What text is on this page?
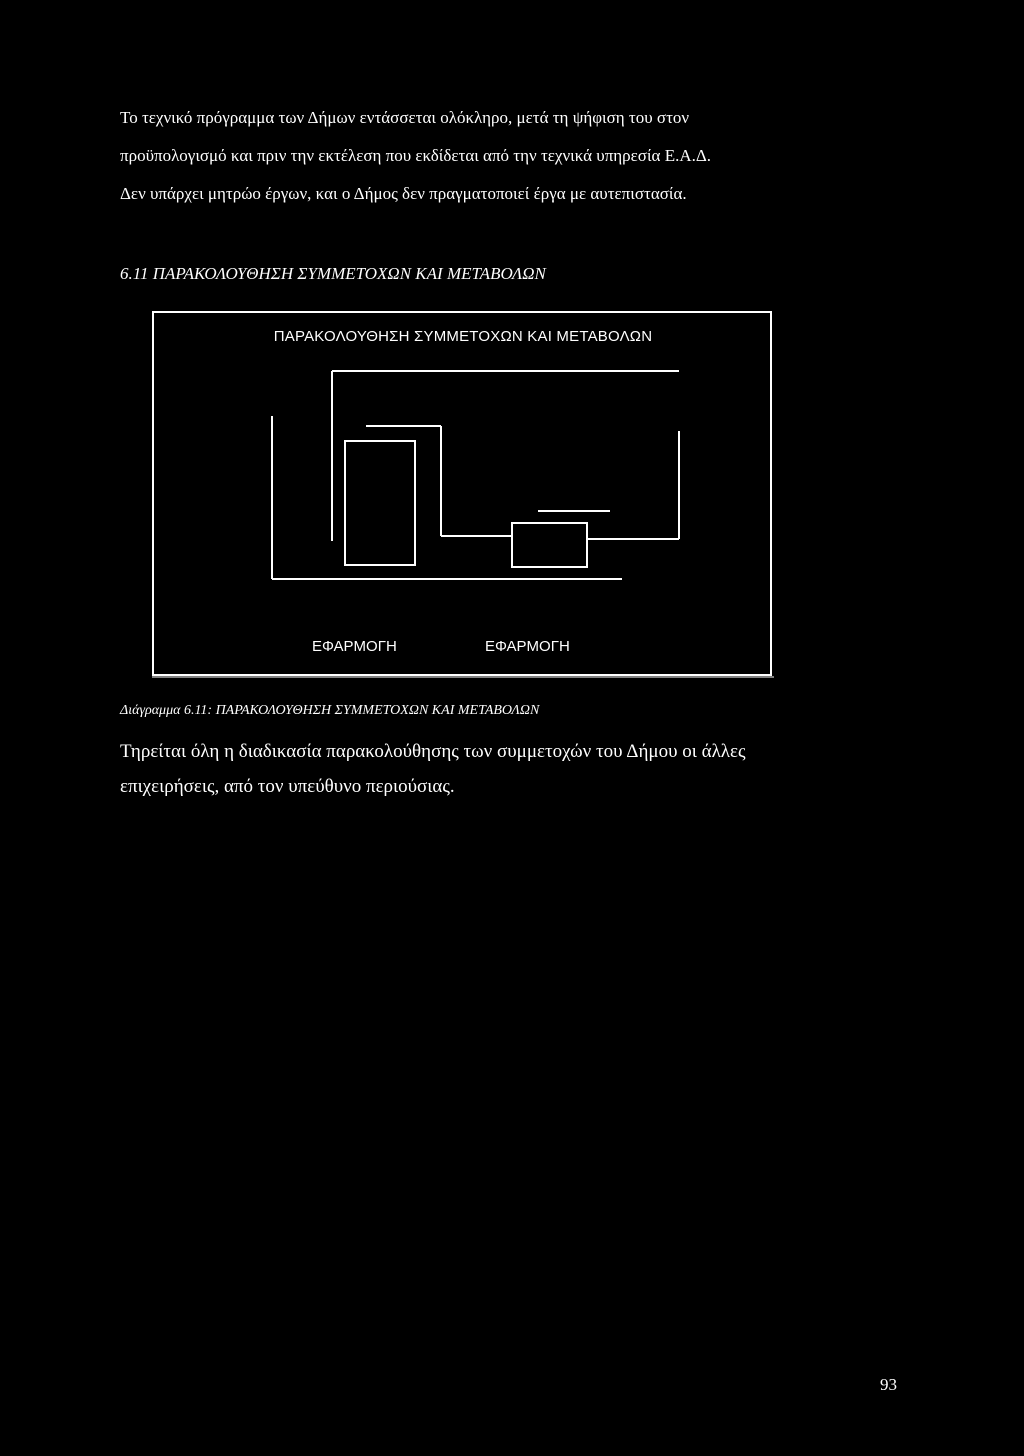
Το τεχνικό πρόγραμμα των Δήμων εντάσσεται ολόκληρο, μετά τη ψήφιση του στον
προϋπολογισμό και πριν την εκτέλεση που εκδίδεται από την τεχνικά υπηρεσία Ε.Α.Δ.
Δεν υπάρχει μητρώο έργων, και ο Δήμος δεν πραγματοποιεί έργα με αυτεπιστασία.
6.11 ΠΑΡΑΚΟΛΟΥΘΗΣΗ ΣΥΜΜΕΤΟΧΩΝ ΚΑΙ ΜΕΤΑΒΟΛΩΝ
ΠΑΡΑΚΟΛΟΥΘΗΣΗ ΣΥΜΜΕΤΟΧΩΝ ΚΑΙ ΜΕΤΑΒΟΛΩΝ
ΕΦΑΡΜΟΓΗ	ΕΦΑΡΜΟΓΗ
Διάγραμμα 6.11: ΠΑΡΑΚΟΛΟΥΘΗΣΗ ΣΥΜΜΕΤΟΧΩΝ ΚΑΙ ΜΕΤΑΒΟΛΩΝ
Τηρείται όλη η διαδικασία παρακολούθησης των συμμετοχών του Δήμου οι άλλες
επιχειρήσεις, από τον υπεύθυνο περιούσιας.
93
